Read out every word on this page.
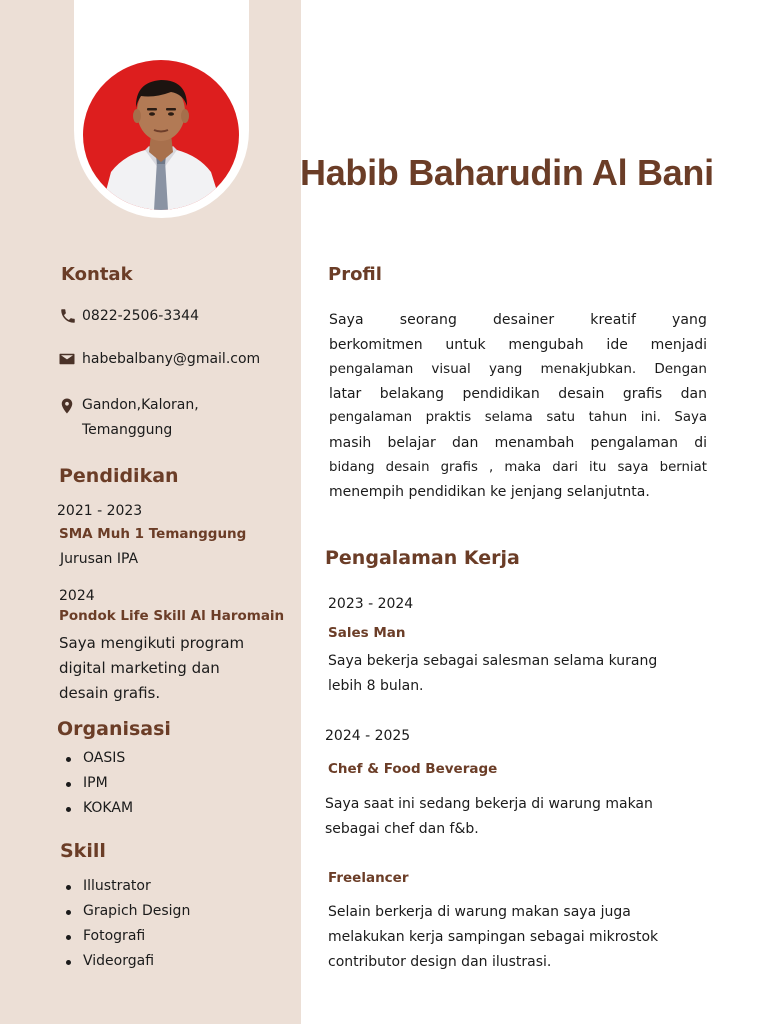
Habib Baharudin Al Bani
Kontak
0822-2506-3344
habebalbany@gmail.com
Gandon,Kaloran,
Temanggung
Pendidikan
2021 - 2023
SMA Muh 1 Temanggung
Jurusan IPA
2024
Pondok Life Skill Al Haromain
Saya mengikuti program
digital marketing dan
desain grafis.
Organisasi
OASIS
IPM
KOKAM
Skill
Illustrator
Grapich Design
Fotografi
Videorgafi
Profil
Saya seorang desainer kreatif yang
berkomitmen untuk mengubah ide menjadi
pengalaman visual yang menakjubkan. Dengan
latar belakang pendidikan desain grafis dan
pengalaman praktis selama satu tahun ini. Saya
masih belajar dan menambah pengalaman di
bidang desain grafis , maka dari itu saya berniat
menempih pendidikan ke jenjang selanjutnta.
Pengalaman Kerja
2023 - 2024
Sales Man
Saya bekerja sebagai salesman selama kurang
lebih 8 bulan.
2024 - 2025
Chef & Food Beverage
Saya saat ini sedang bekerja di warung makan
sebagai chef dan f&b.
Freelancer
Selain berkerja di warung makan saya juga
melakukan kerja sampingan sebagai mikrostok
contributor design dan ilustrasi.
